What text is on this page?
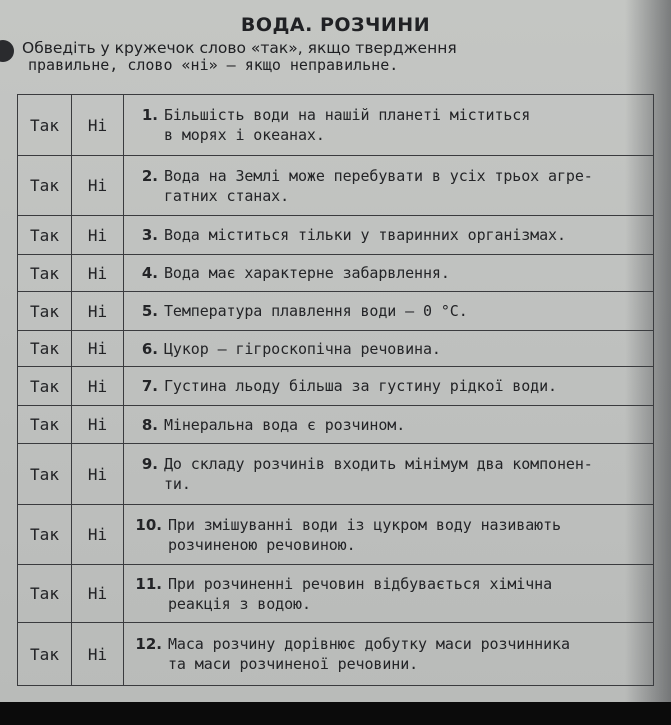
ВОДА. РОЗЧИНИ
Обведіть у кружечок слово «так», якщо твердження
правильне, слово «ні» — якщо неправильне.
Так	Ні	1. Більшість води на нашій планеті міститься
в морях і океанах.

Так	Ні	2. Вода на Землі може перебувати в усіх трьох агре-
гатних станах.

Так	Ні	3. Вода міститься тільки у тваринних організмах.

Так	Ні	4. Вода має характерне забарвлення.

Так	Ні	5. Температура плавлення води — 0 °С.

Так	Ні	6. Цукор — гігроскопічна речовина.

Так	Ні	7. Густина льоду більша за густину рідкої води.

Так	Ні	8. Мінеральна вода є розчином.

Так	Ні	9. До складу розчинів входить мінімум два компонен-
ти.

Так	Ні	10. При змішуванні води із цукром воду називають
розчиненою речовиною.

Так	Ні	11. При розчиненні речовин відбувається хімічна
реакція з водою.

Так	Ні	12. Маса розчину дорівнює добутку маси розчинника
та маси розчиненої речовини.
